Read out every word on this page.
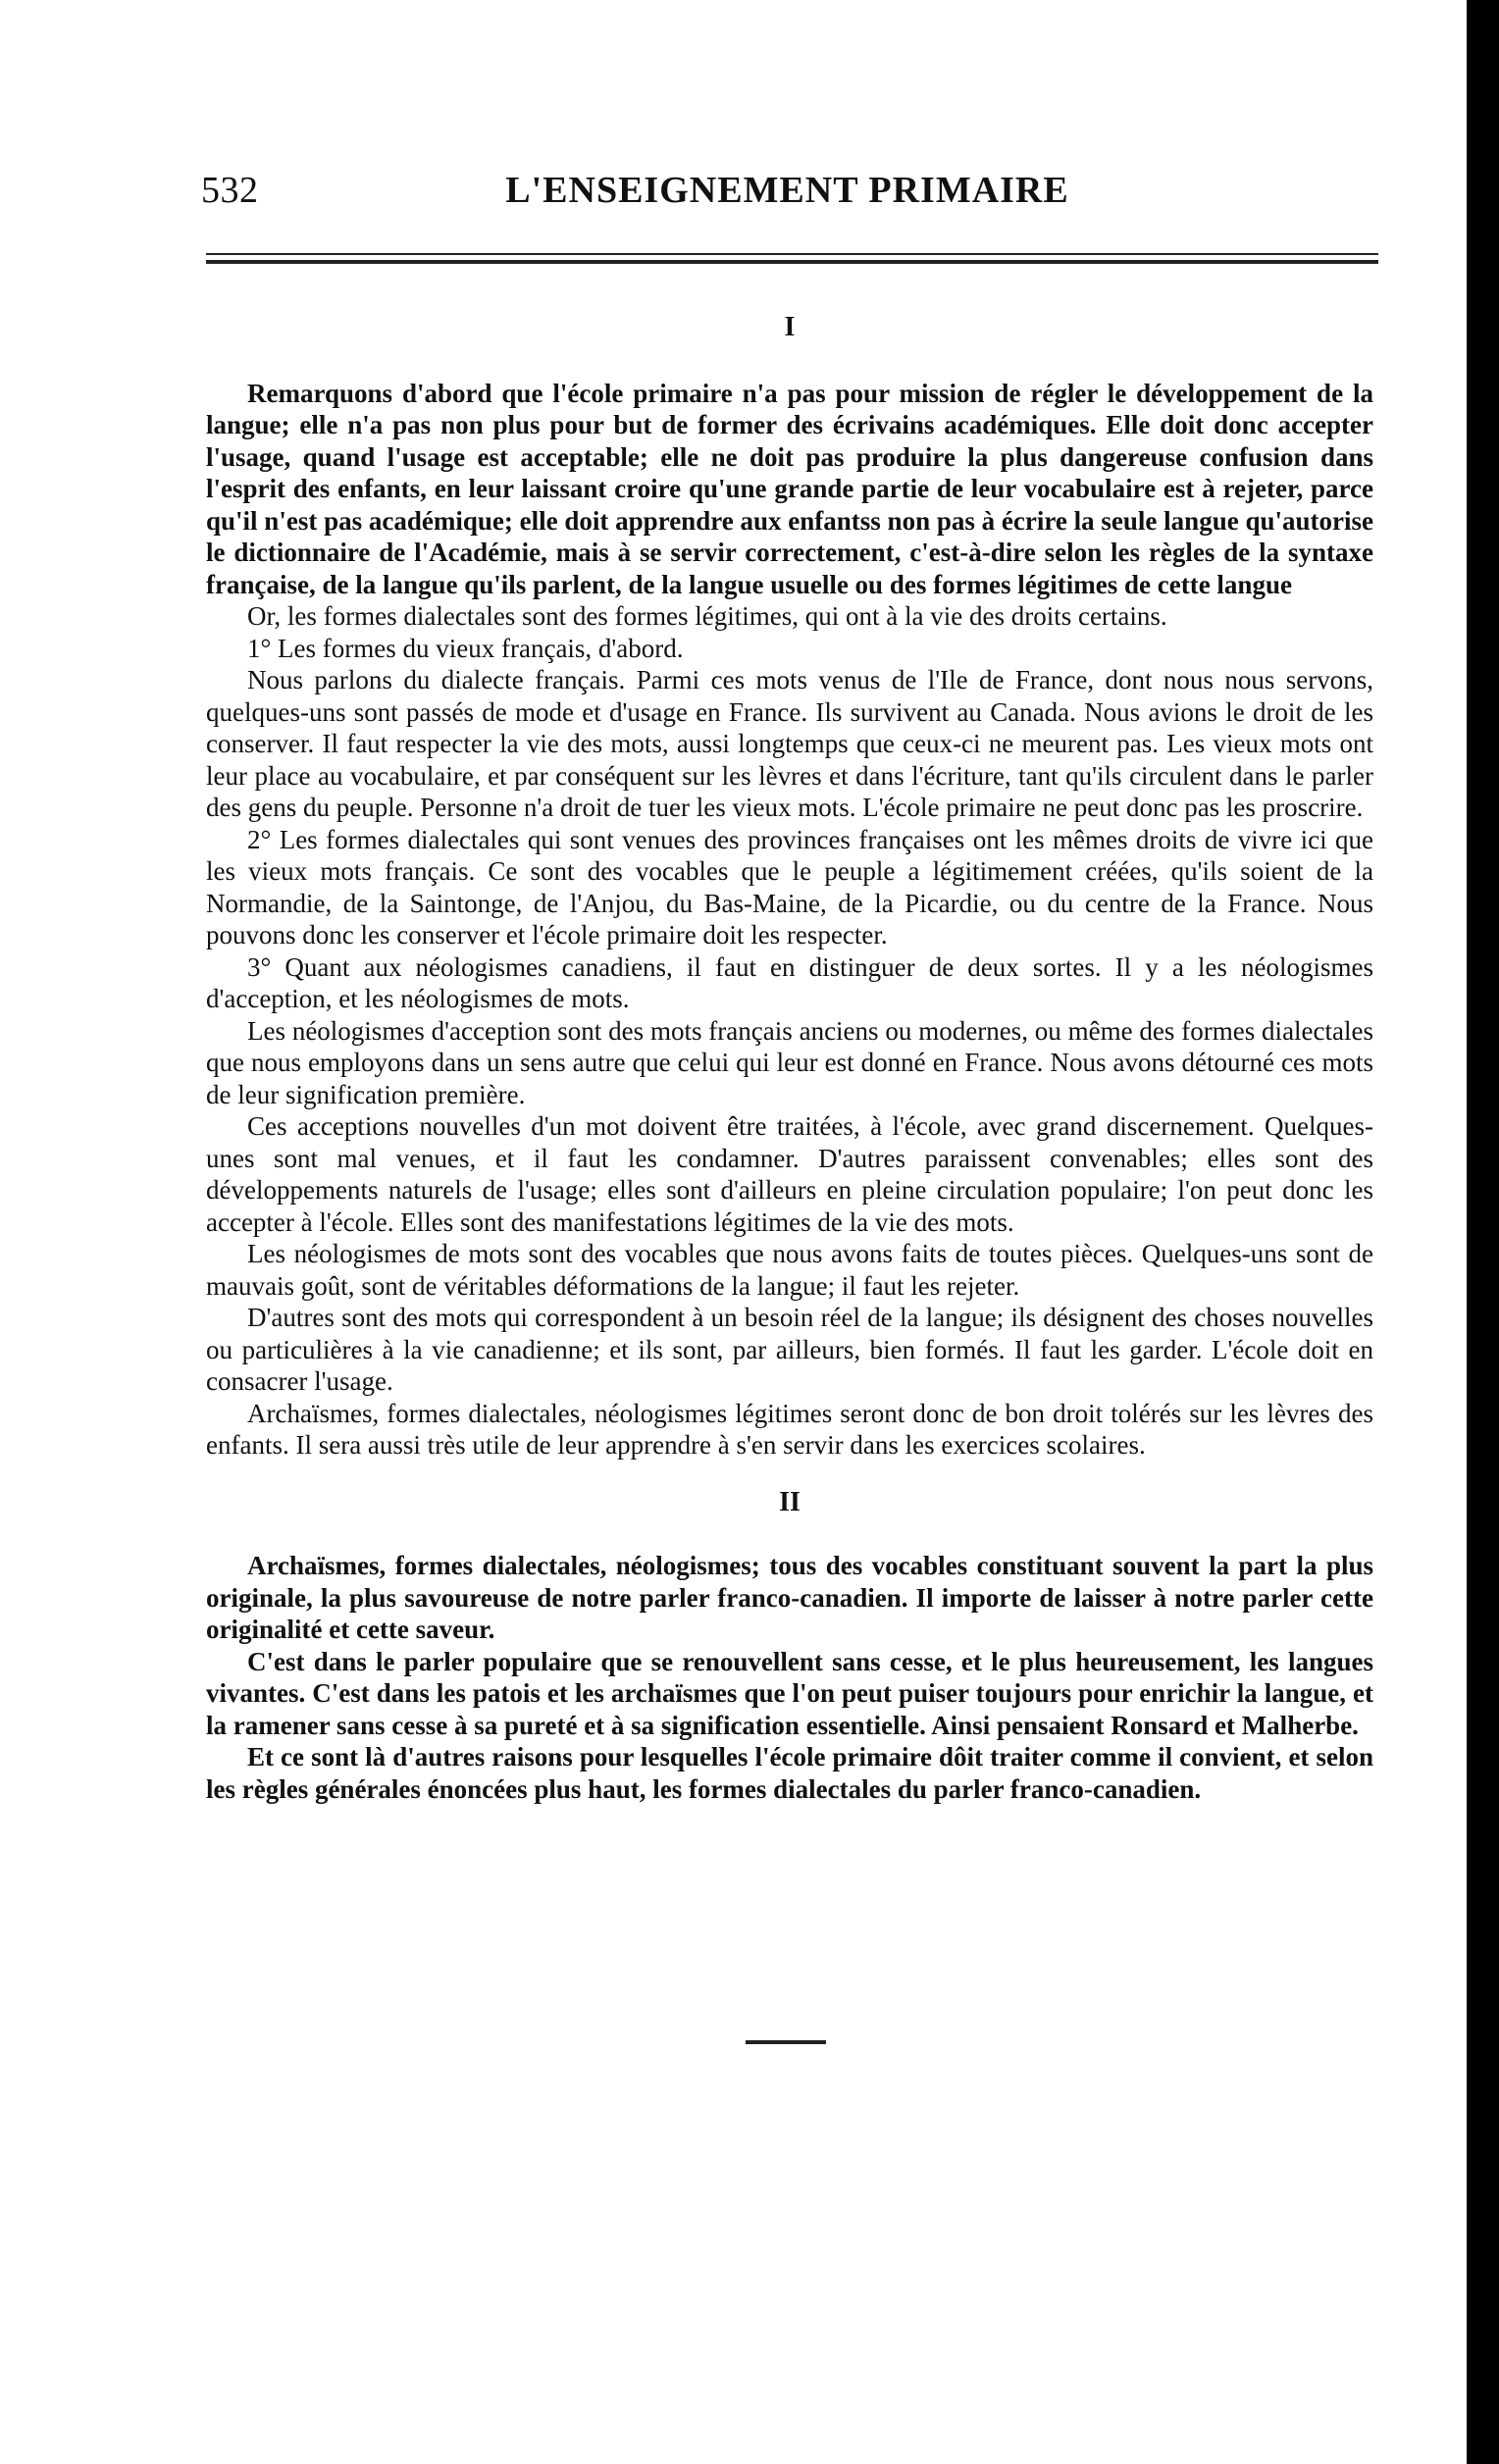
532	L'ENSEIGNEMENT PRIMAIRE
I

Remarquons d'abord que l'école primaire n'a pas pour mission de régler le développement de la langue; elle n'a pas non plus pour but de former des écrivains académiques. Elle doit donc accepter l'usage, quand l'usage est acceptable; elle ne doit pas produire la plus dangereuse confusion dans l'esprit des enfants, en leur laissant croire qu'une grande partie de leur vocabulaire est à rejeter, parce qu'il n'est pas académique; elle doit apprendre aux enfantss non pas à écrire la seule langue qu'autorise le dictionnaire de l'Académie, mais à se servir correctement, c'est-à-dire selon les règles de la syntaxe française, de la langue qu'ils parlent, de la langue usuelle ou des formes légitimes de cette langue

Or, les formes dialectales sont des formes légitimes, qui ont à la vie des droits certains.

1° Les formes du vieux français, d'abord.

Nous parlons du dialecte français. Parmi ces mots venus de l'Ile de France, dont nous nous servons, quelques-uns sont passés de mode et d'usage en France. Ils survivent au Canada. Nous avions le droit de les conserver. Il faut respecter la vie des mots, aussi longtemps que ceux-ci ne meurent pas. Les vieux mots ont leur place au vocabulaire, et par conséquent sur les lèvres et dans l'écriture, tant qu'ils circulent dans le parler des gens du peuple. Personne n'a droit de tuer les vieux mots. L'école primaire ne peut donc pas les proscrire.

2° Les formes dialectales qui sont venues des provinces françaises ont les mêmes droits de vivre ici que les vieux mots français. Ce sont des vocables que le peuple a légitimement créées, qu'ils soient de la Normandie, de la Saintonge, de l'Anjou, du Bas-Maine, de la Picardie, ou du centre de la France. Nous pouvons donc les conserver et l'école primaire doit les respecter.

3° Quant aux néologismes canadiens, il faut en distinguer de deux sortes. Il y a les néologismes d'acception, et les néologismes de mots.

Les néologismes d'acception sont des mots français anciens ou modernes, ou même des formes dialectales que nous employons dans un sens autre que celui qui leur est donné en France. Nous avons détourné ces mots de leur signification première.

Ces acceptions nouvelles d'un mot doivent être traitées, à l'école, avec grand discernement. Quelques-unes sont mal venues, et il faut les condamner. D'autres paraissent convenables; elles sont des développements naturels de l'usage; elles sont d'ailleurs en pleine circulation populaire; l'on peut donc les accepter à l'école. Elles sont des manifestations légitimes de la vie des mots.

Les néologismes de mots sont des vocables que nous avons faits de toutes pièces. Quelques-uns sont de mauvais goût, sont de véritables déformations de la langue; il faut les rejeter.

D'autres sont des mots qui correspondent à un besoin réel de la langue; ils désignent des choses nouvelles ou particulières à la vie canadienne; et ils sont, par ailleurs, bien formés. Il faut les garder. L'école doit en consacrer l'usage.

Archaïsmes, formes dialectales, néologismes légitimes seront donc de bon droit tolérés sur les lèvres des enfants. Il sera aussi très utile de leur apprendre à s'en servir dans les exercices scolaires.

II

Archaïsmes, formes dialectales, néologismes; tous des vocables constituant souvent la part la plus originale, la plus savoureuse de notre parler franco-canadien. Il importe de laisser à notre parler cette originalité et cette saveur.

C'est dans le parler populaire que se renouvellent sans cesse, et le plus heureusement, les langues vivantes. C'est dans les patois et les archaïsmes que l'on peut puiser toujours pour enrichir la langue, et la ramener sans cesse à sa pureté et à sa signification essentielle. Ainsi pensaient Ronsard et Malherbe.

Et ce sont là d'autres raisons pour lesquelles l'école primaire dôit traiter comme il convient, et selon les règles générales énoncées plus haut, les formes dialectales du parler franco-canadien.
